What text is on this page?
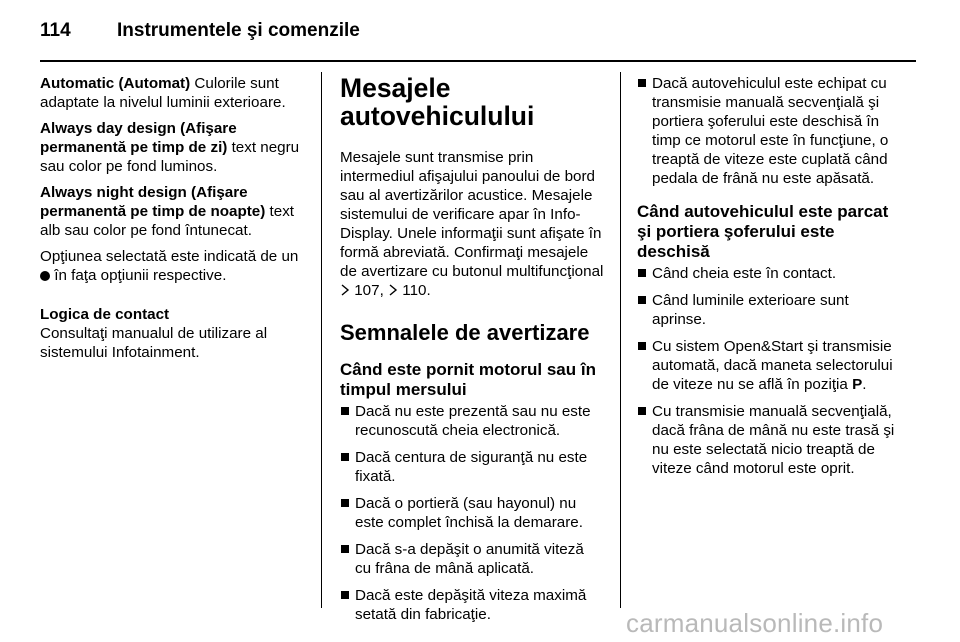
114 Instrumentele şi comenzile

Automatic (Automat) Culorile sunt adaptate la nivelul luminii exterioare.

Always day design (Afişare permanentă pe timp de zi) text negru sau color pe fond luminos.

Always night design (Afişare permanentă pe timp de noapte) text alb sau color pe fond întunecat.

Opţiunea selectată este indicată de un  în faţa opţiunii respective.

Logica de contact
Consultaţi manualul de utilizare al sistemului Infotainment.

Mesajele autovehiculului

Mesajele sunt transmise prin intermediul afişajului panoului de bord sau al avertizărilor acustice. Mesajele sistemului de verificare apar în Info-Display. Unele informaţii sunt afişate în formă abreviată. Confirmaţi mesajele de avertizare cu butonul multifuncţional  107,  110.

Semnalele de avertizare
Când este pornit motorul sau în timpul mersului
Dacă nu este prezentă sau nu este recunoscută cheia electronică.
Dacă centura de siguranţă nu este fixată.
Dacă o portieră (sau hayonul) nu este complet închisă la demarare.
Dacă s-a depăşit o anumită viteză cu frâna de mână aplicată.
Dacă este depăşită viteza maximă setată din fabricaţie.
Dacă autovehiculul este echipat cu transmisie manuală secvenţială şi portiera şoferului este deschisă în timp ce motorul este în funcţiune, o treaptă de viteze este cuplată când pedala de frână nu este apăsată.
Când autovehiculul este parcat şi portiera şoferului este deschisă
Când cheia este în contact.
Când luminile exterioare sunt aprinse.
Cu sistem Open&Start şi transmisie automată, dacă maneta selectorului de viteze nu se află în poziţia P.
Cu transmisie manuală secvenţială, dacă frâna de mână nu este trasă şi nu este selectată nicio treaptă de viteze când motorul este oprit.
carmanualsonline.info
